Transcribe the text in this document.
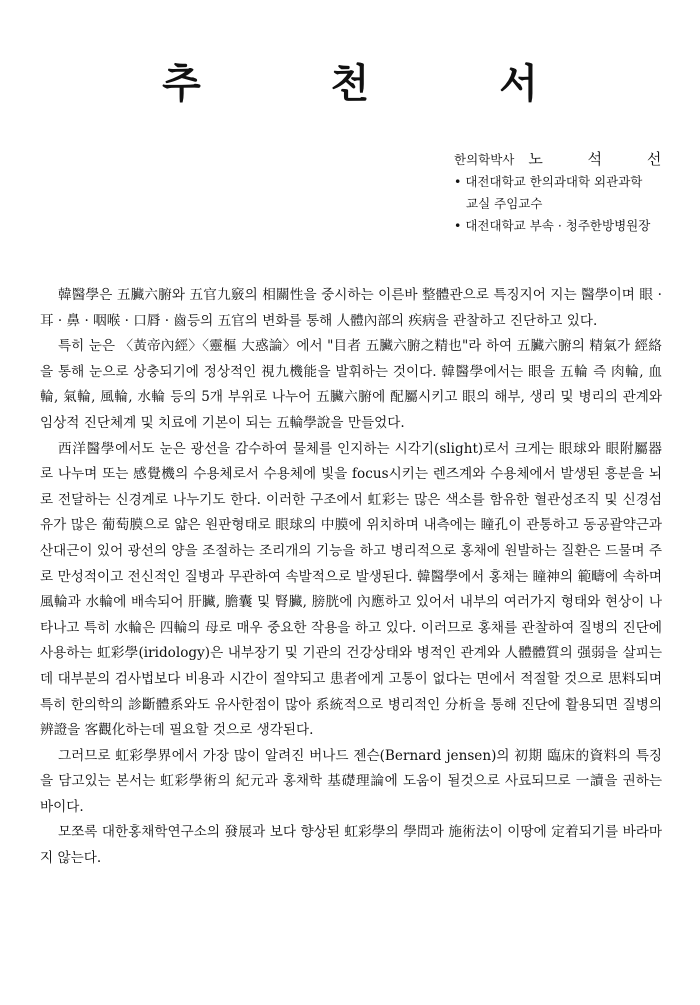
추 천 서
한의학박사 노 석 선
• 대전대학교 한의과대학 외관과학
교실 주임교수
• 대전대학교 부속 · 청주한방병원장

韓醫學은 五臟六腑와 五官九竅의 相關性을 중시하는 이른바 整體관으로 특징지어 지는 醫學이며 眼 · 耳 · 鼻 · 咽喉 · 口脣 · 齒등의 五官의 변화를 통해 人體內部의 疾病을 관찰하고 진단하고 있다.

특히 눈은 〈黃帝內經〉〈靈樞 大惑論〉에서 "目者 五臟六腑之精也"라 하여 五臟六腑의 精氣가 經絡을 통해 눈으로 상충되기에 정상적인 視九機能을 발휘하는 것이다. 韓醫學에서는 眼을 五輪 즉 肉輪, 血輪, 氣輪, 風輪, 水輪 등의 5개 부위로 나누어 五臟六腑에 配屬시키고 眼의 해부, 생리 및 병리의 관계와 임상적 진단체계 및 치료에 기본이 되는 五輪學說을 만들었다.

西洋醫學에서도 눈은 광선을 감수하여 물체를 인지하는 시각기(slight)로서 크게는 眼球와 眼附屬器로 나누며 또는 感覺機의 수용체로서 수용체에 빛을 focus시키는 렌즈계와 수용체에서 발생된 흥분을 뇌로 전달하는 신경계로 나누기도 한다. 이러한 구조에서 虹彩는 많은 색소를 함유한 혈관성조직 및 신경섬유가 많은 葡萄膜으로 얇은 원판형태로 眼球의 中膜에 위치하며 내측에는 瞳孔이 관통하고 동공괄약근과 산대근이 있어 광선의 양을 조절하는 조리개의 기능을 하고 병리적으로 홍채에 원발하는 질환은 드물며 주로 만성적이고 전신적인 질병과 무관하여 속발적으로 발생된다. 韓醫學에서 홍채는 瞳神의 範疇에 속하며 風輪과 水輪에 배속되어 肝臟, 膽囊 및 腎臟, 膀胱에 內應하고 있어서 내부의 여러가지 형태와 현상이 나타나고 특히 水輪은 四輪의 母로 매우 중요한 작용을 하고 있다. 이러므로 홍채를 관찰하여 질병의 진단에 사용하는 虹彩學(iridology)은 내부장기 및 기관의 건강상태와 병적인 관계와 人體體質의 强弱을 살피는데 대부분의 검사법보다 비용과 시간이 절약되고 患者에게 고통이 없다는 면에서 적절할 것으로 思料되며 특히 한의학의 診斷體系와도 유사한점이 많아 系統적으로 병리적인 分析을 통해 진단에 활용되면 질병의 辨證을 客觀化하는데 필요할 것으로 생각된다.

그러므로 虹彩學界에서 가장 많이 알려진 버나드 젠슨(Bernard jensen)의 初期 臨床的資料의 특징을 담고있는 본서는 虹彩學術의 紀元과 홍채학 基礎理論에 도움이 될것으로 사료되므로 一讀을 권하는 바이다.

모쪼록 대한홍채학연구소의 發展과 보다 향상된 虹彩學의 學問과 施術法이 이땅에 定着되기를 바라마지 않는다.
